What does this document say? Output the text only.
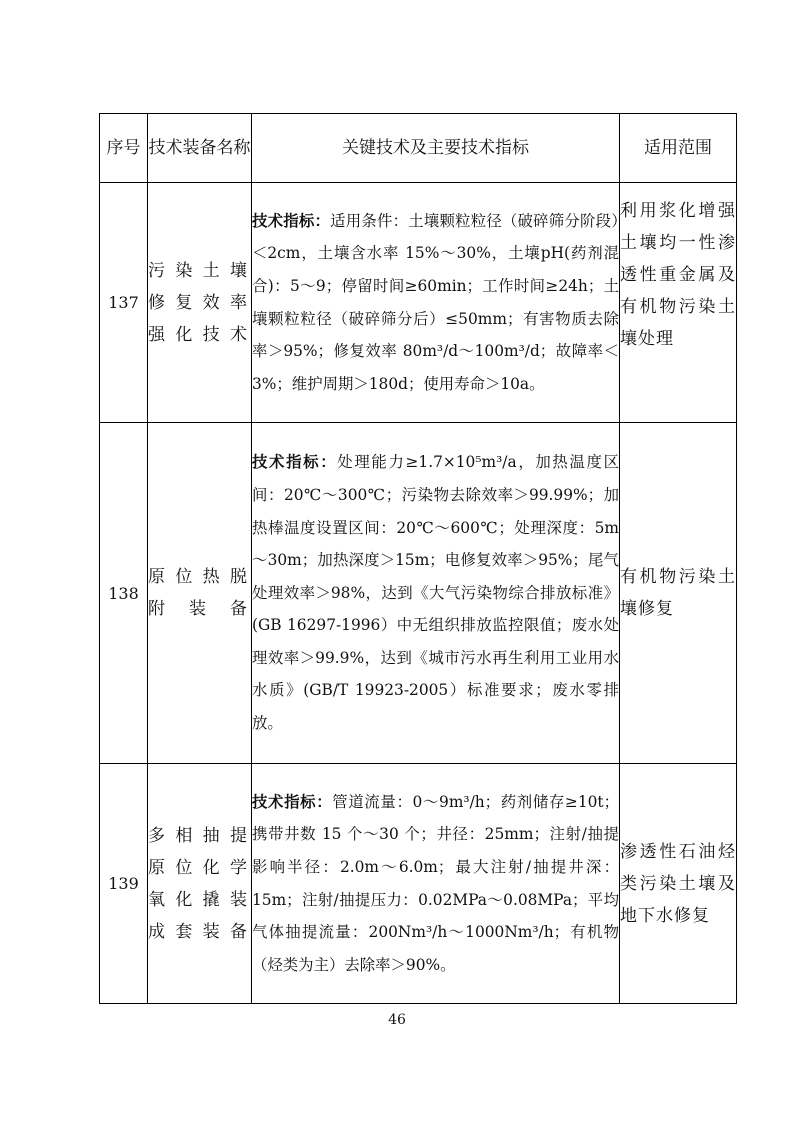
序号	技术装备名称	关键技术及主要技术指标	适用范围
137	污染土壤修复效率强化技术	技术指标：适用条件：土壤颗粒粒径（破碎筛分阶段）＜2cm，土壤含水率 15%～30%，土壤pH(药剂混合)：5～9；停留时间≥60min；工作时间≥24h；土壤颗粒粒径（破碎筛分后）≤50mm；有害物质去除率＞95%；修复效率 80m³/d～100m³/d；故障率＜3%；维护周期＞180d；使用寿命＞10a。	利用浆化增强土壤均一性渗透性重金属及有机物污染土壤处理
138	原位热脱附装备	技术指标：处理能力≥1.7×10⁵m³/a，加热温度区间：20℃～300℃；污染物去除效率＞99.99%；加热棒温度设置区间：20℃～600℃；处理深度：5m～30m；加热深度＞15m；电修复效率＞95%；尾气处理效率＞98%，达到《大气污染物综合排放标准》(GB 16297-1996）中无组织排放监控限值；废水处理效率＞99.9%，达到《城市污水再生利用工业用水水质》(GB/T 19923-2005）标准要求；废水零排放。	有机物污染土壤修复
139	多相抽提原位化学氧化撬装成套装备	技术指标：管道流量：0～9m³/h；药剂储存≥10t；携带井数 15 个～30 个；井径：25mm；注射/抽提影响半径：2.0m～6.0m；最大注射/抽提井深：15m；注射/抽提压力：0.02MPa～0.08MPa；平均气体抽提流量：200Nm³/h～1000Nm³/h；有机物（烃类为主）去除率＞90%。	渗透性石油烃类污染土壤及地下水修复
46
